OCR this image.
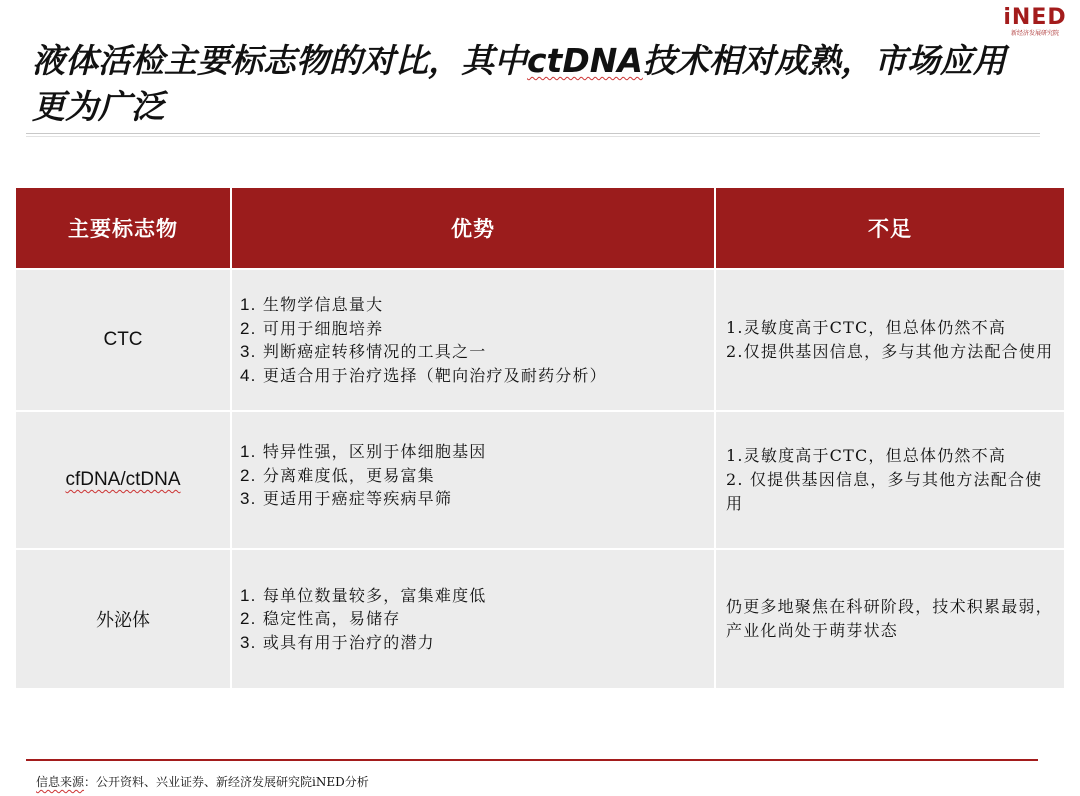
iNED
新经济发展研究院
液体活检主要标志物的对比，其中ctDNA技术相对成熟，市场应用更为广泛
主要标志物	优势	不足
CTC
1. 生物学信息量大
2. 可用于细胞培养
3. 判断癌症转移情况的工具之一
4. 更适合用于治疗选择（靶向治疗及耐药分析）
1.灵敏度高于CTC，但总体仍然不高
2.仅提供基因信息，多与其他方法配合使用
cfDNA/ctDNA
1. 特异性强，区别于体细胞基因
2. 分离难度低，更易富集
3. 更适用于癌症等疾病早筛
1.灵敏度高于CTC，但总体仍然不高
2. 仅提供基因信息，多与其他方法配合使用
外泌体
1. 每单位数量较多，富集难度低
2. 稳定性高，易储存
3. 或具有用于治疗的潜力
仍更多地聚焦在科研阶段，技术积累最弱，产业化尚处于萌芽状态
信息来源：公开资料、兴业证券、新经济发展研究院iNED分析
